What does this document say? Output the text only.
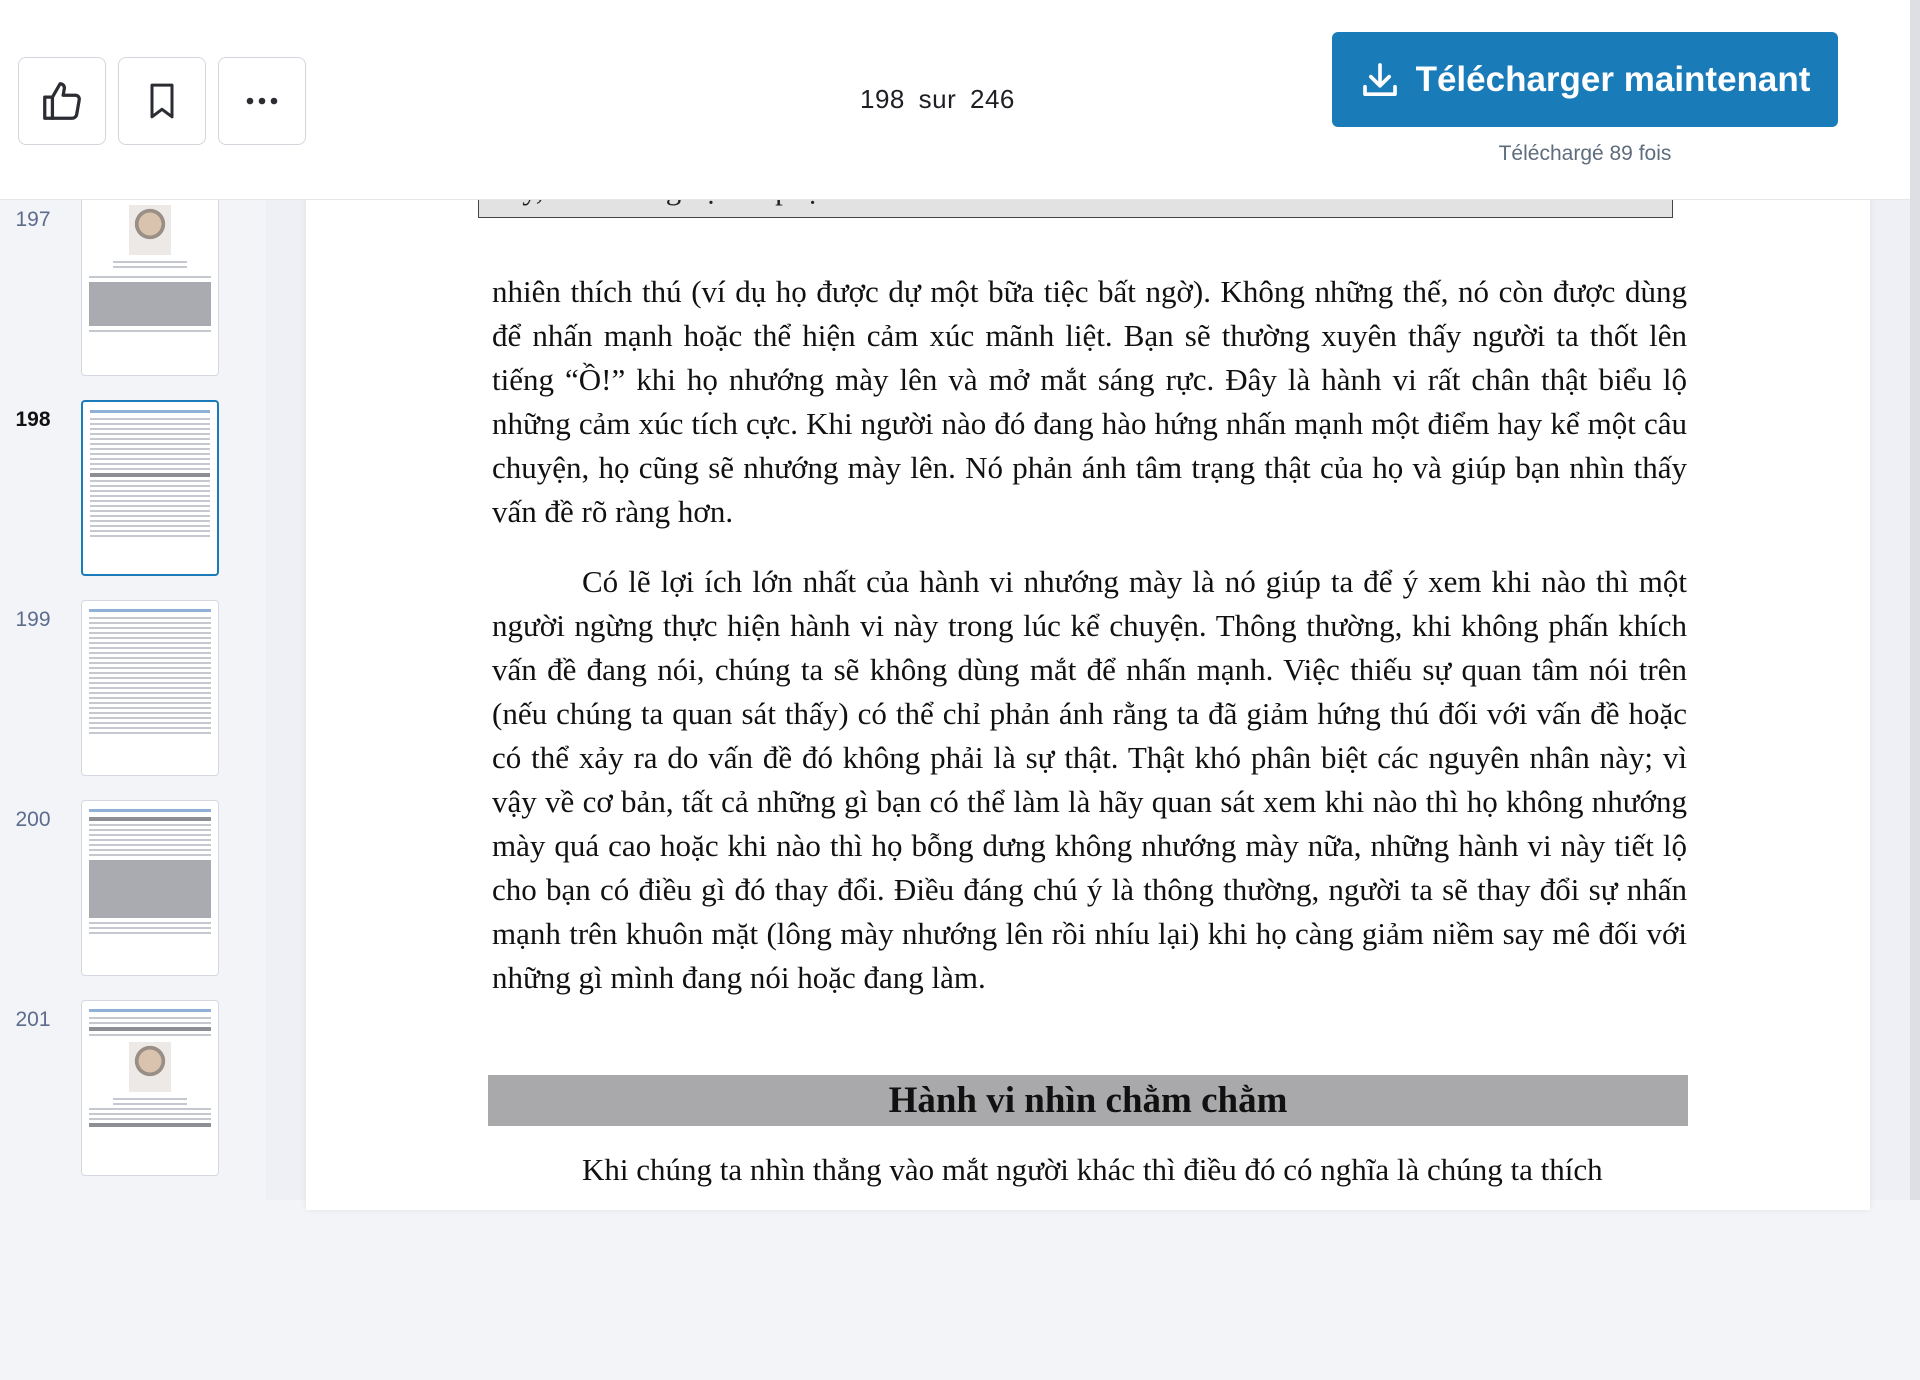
198 sur 246
Télécharger maintenant
Téléchargé 89 fois
197
198
199
200
201

nhiên thích thú (ví dụ họ được dự một bữa tiệc bất ngờ). Không những thế, nó còn được dùng để nhấn mạnh hoặc thể hiện cảm xúc mãnh liệt. Bạn sẽ thường xuyên thấy người ta thốt lên tiếng “Ồ!” khi họ nhướng mày lên và mở mắt sáng rực. Đây là hành vi rất chân thật biểu lộ những cảm xúc tích cực. Khi người nào đó đang hào hứng nhấn mạnh một điểm hay kể một câu chuyện, họ cũng sẽ nhướng mày lên. Nó phản ánh tâm trạng thật của họ và giúp bạn nhìn thấy vấn đề rõ ràng hơn.

Có lẽ lợi ích lớn nhất của hành vi nhướng mày là nó giúp ta để ý xem khi nào thì một người ngừng thực hiện hành vi này trong lúc kể chuyện. Thông thường, khi không phấn khích vấn đề đang nói, chúng ta sẽ không dùng mắt để nhấn mạnh. Việc thiếu sự quan tâm nói trên (nếu chúng ta quan sát thấy) có thể chỉ phản ánh rằng ta đã giảm hứng thú đối với vấn đề hoặc có thể xảy ra do vấn đề đó không phải là sự thật. Thật khó phân biệt các nguyên nhân này; vì vậy về cơ bản, tất cả những gì bạn có thể làm là hãy quan sát xem khi nào thì họ không nhướng mày quá cao hoặc khi nào thì họ bỗng dưng không nhướng mày nữa, những hành vi này tiết lộ cho bạn có điều gì đó thay đổi. Điều đáng chú ý là thông thường, người ta sẽ thay đổi sự nhấn mạnh trên khuôn mặt (lông mày nhướng lên rồi nhíu lại) khi họ càng giảm niềm say mê đối với những gì mình đang nói hoặc đang làm.

Hành vi nhìn chằm chằm

Khi chúng ta nhìn thẳng vào mắt người khác thì điều đó có nghĩa là chúng ta thích
